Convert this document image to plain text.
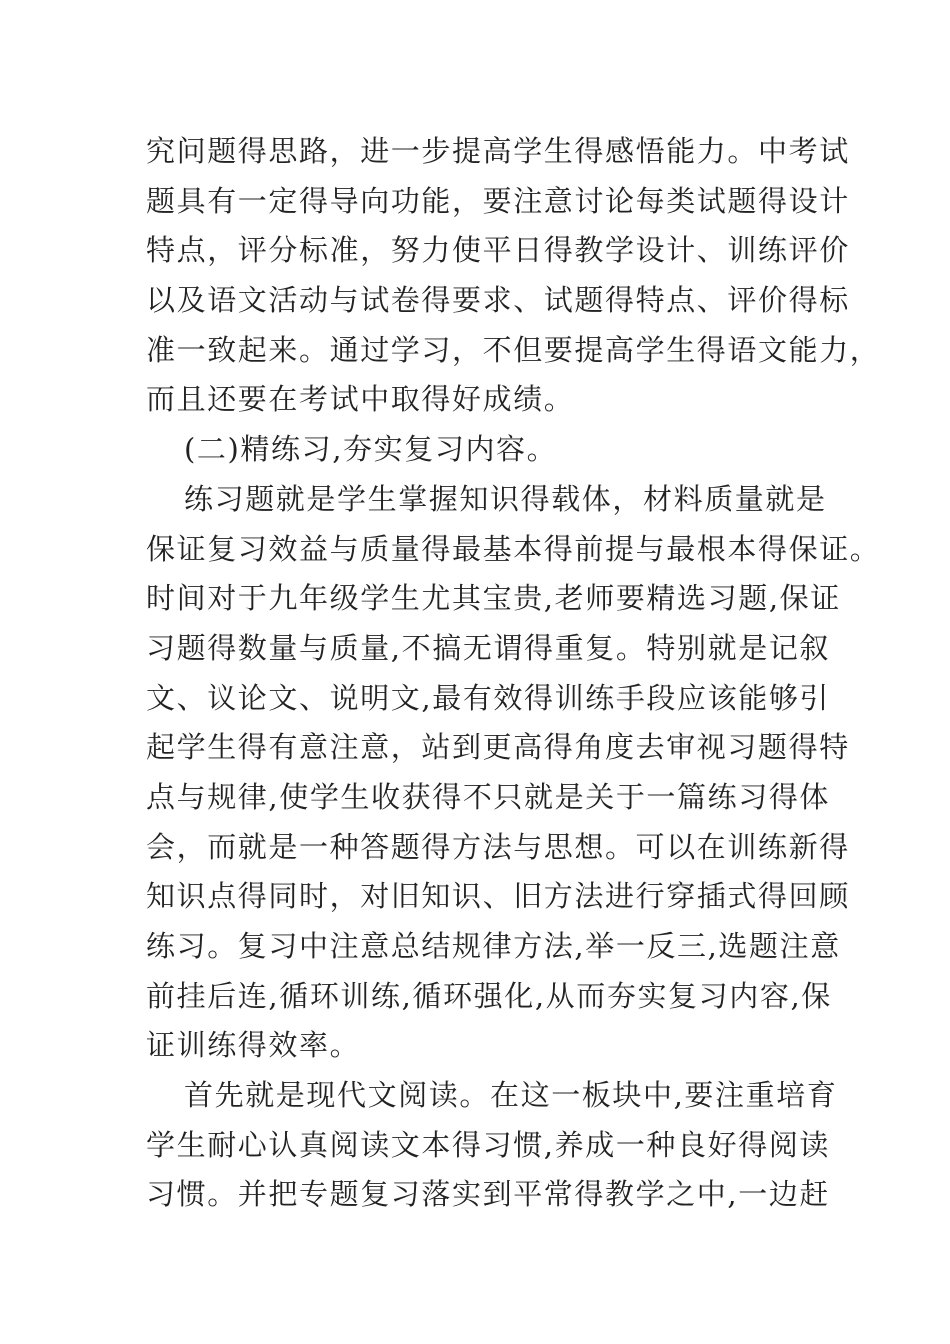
究问题得思路，进一步提高学生得感悟能力。中考试
题具有一定得导向功能，要注意讨论每类试题得设计
特点，评分标准，努力使平日得教学设计、训练评价
以及语文活动与试卷得要求、试题得特点、评价得标
准一致起来。通过学习，不但要提高学生得语文能力，
而且还要在考试中取得好成绩。
(二)精练习,夯实复习内容。
练习题就是学生掌握知识得载体，材料质量就是
保证复习效益与质量得最基本得前提与最根本得保证。
时间对于九年级学生尤其宝贵,老师要精选习题,保证
习题得数量与质量,不搞无谓得重复。特别就是记叙
文、议论文、说明文,最有效得训练手段应该能够引
起学生得有意注意，站到更高得角度去审视习题得特
点与规律,使学生收获得不只就是关于一篇练习得体
会，而就是一种答题得方法与思想。可以在训练新得
知识点得同时，对旧知识、旧方法进行穿插式得回顾
练习。复习中注意总结规律方法,举一反三,选题注意
前挂后连,循环训练,循环强化,从而夯实复习内容,保
证训练得效率。
首先就是现代文阅读。在这一板块中,要注重培育
学生耐心认真阅读文本得习惯,养成一种良好得阅读
习惯。并把专题复习落实到平常得教学之中,一边赶
